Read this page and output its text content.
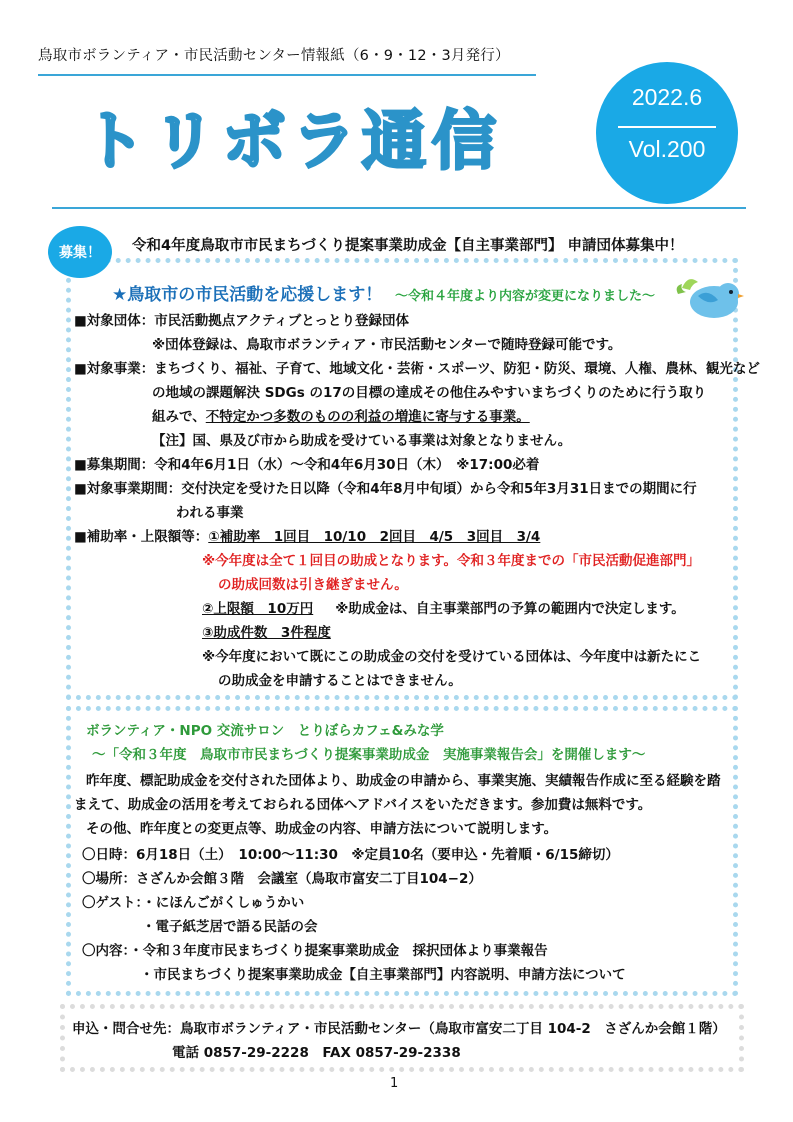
鳥取市ボランティア・市民活動センター情報紙（6・9・12・3月発行）
トリボラ通信
2022.6
Vol.200
募集！	令和4年度鳥取市市民まちづくり提案事業助成金【自主事業部門】 申請団体募集中！
★鳥取市の市民活動を応援します！ ～令和４年度より内容が変更になりました～
■対象団体：市民活動拠点アクティブとっとり登録団体
※団体登録は、鳥取市ボランティア・市民活動センターで随時登録可能です。
■対象事業：まちづくり、福祉、子育て、地域文化・芸術・スポーツ、防犯・防災、環境、人権、農林、観光など
の地域の課題解決 SDGs の17の目標の達成その他住みやすいまちづくりのために行う取り
組みで、不特定かつ多数のものの利益の増進に寄与する事業。
【注】国、県及び市から助成を受けている事業は対象となりません。
■募集期間：令和4年6月1日（水）～令和4年6月30日（木）　※17:00必着
■対象事業期間：交付決定を受けた日以降（令和4年8月中旬頃）から令和5年3月31日までの期間に行
われる事業
■補助率・上限額等：①補助率　1回目　10/10　2回目　4/5　3回目　3/4
※今年度は全て１回目の助成となります。令和３年度までの「市民活動促進部門」
の助成回数は引き継ぎません。
②上限額　10万円 ※助成金は、自主事業部門の予算の範囲内で決定します。
③助成件数　3件程度
※今年度において既にこの助成金の交付を受けている団体は、今年度中は新たにこ
の助成金を申請することはできません。
ボランティア・NPO 交流サロン　とりぼらカフェ&みな学
～「令和３年度　鳥取市市民まちづくり提案事業助成金　実施事業報告会」を開催します～
昨年度、標記助成金を交付された団体より、助成金の申請から、事業実施、実績報告作成に至る経験を踏
まえて、助成金の活用を考えておられる団体へアドバイスをいただきます。参加費は無料です。
その他、昨年度との変更点等、助成金の内容、申請方法について説明します。
〇日時：6月18日（土）　10:00～11:30　※定員10名（要申込・先着順・6/15締切）
〇場所：さざんか会館３階　会議室（鳥取市富安二丁目104−2）
〇ゲスト：・にほんごがくしゅうかい
・電子紙芝居で語る民話の会
〇内容：・令和３年度市民まちづくり提案事業助成金　採択団体より事業報告
・市民まちづくり提案事業助成金【自主事業部門】内容説明、申請方法について
申込・問合せ先：鳥取市ボランティア・市民活動センター（鳥取市富安二丁目 104-2　さざんか会館１階）
電話 0857-29-2228　FAX 0857-29-2338
1
